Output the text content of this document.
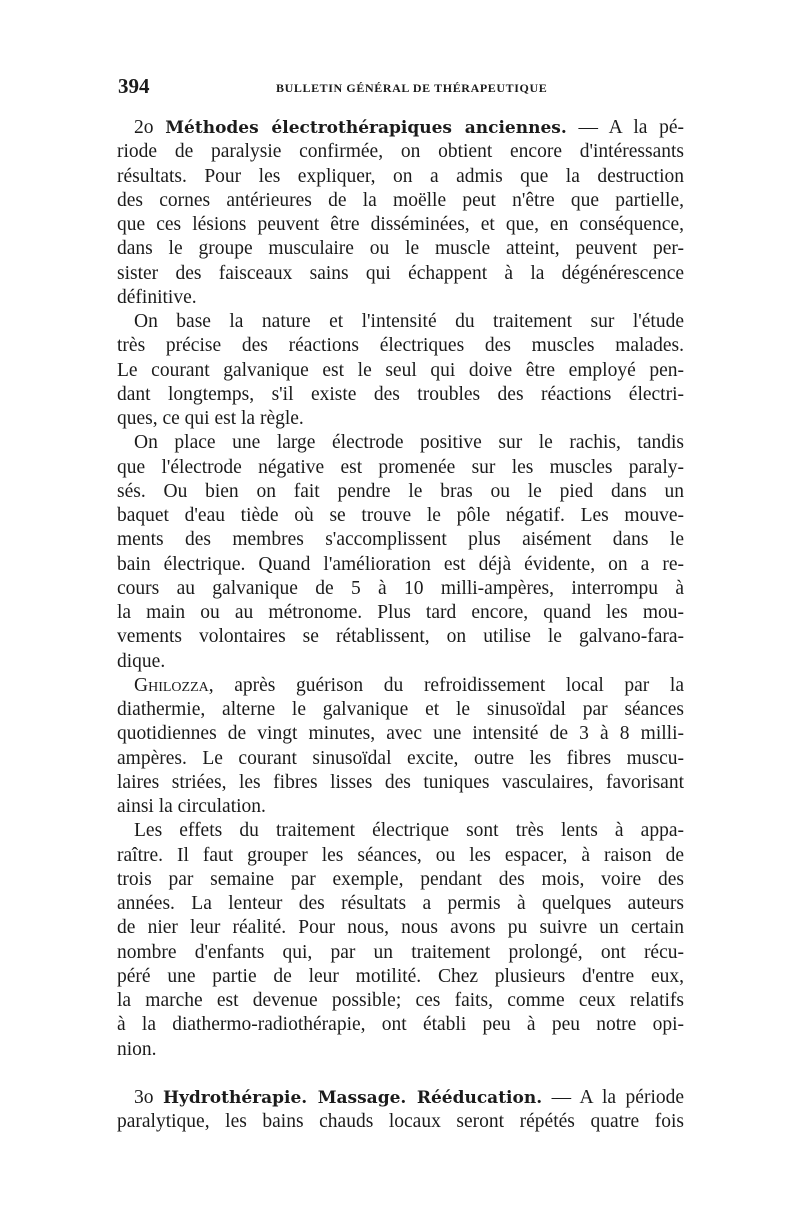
394	BULLETIN GÉNÉRAL DE THÉRAPEUTIQUE
2o Méthodes électrothérapiques anciennes. — A la pé-
riode de paralysie confirmée, on obtient encore d'intéressants
résultats. Pour les expliquer, on a admis que la destruction
des cornes antérieures de la moëlle peut n'être que partielle,
que ces lésions peuvent être disséminées, et que, en conséquence,
dans le groupe musculaire ou le muscle atteint, peuvent per-
sister des faisceaux sains qui échappent à la dégénérescence
définitive.
On base la nature et l'intensité du traitement sur l'étude
très précise des réactions électriques des muscles malades.
Le courant galvanique est le seul qui doive être employé pen-
dant longtemps, s'il existe des troubles des réactions électri-
ques, ce qui est la règle.
On place une large électrode positive sur le rachis, tandis
que l'électrode négative est promenée sur les muscles paraly-
sés. Ou bien on fait pendre le bras ou le pied dans un
baquet d'eau tiède où se trouve le pôle négatif. Les mouve-
ments des membres s'accomplissent plus aisément dans le
bain électrique. Quand l'amélioration est déjà évidente, on a re-
cours au galvanique de 5 à 10 milli-ampères, interrompu à
la main ou au métronome. Plus tard encore, quand les mou-
vements volontaires se rétablissent, on utilise le galvano-fara-
dique.
Ghilozza, après guérison du refroidissement local par la
diathermie, alterne le galvanique et le sinusoïdal par séances
quotidiennes de vingt minutes, avec une intensité de 3 à 8 milli-
ampères. Le courant sinusoïdal excite, outre les fibres muscu-
laires striées, les fibres lisses des tuniques vasculaires, favorisant
ainsi la circulation.
Les effets du traitement électrique sont très lents à appa-
raître. Il faut grouper les séances, ou les espacer, à raison de
trois par semaine par exemple, pendant des mois, voire des
années. La lenteur des résultats a permis à quelques auteurs
de nier leur réalité. Pour nous, nous avons pu suivre un certain
nombre d'enfants qui, par un traitement prolongé, ont récu-
péré une partie de leur motilité. Chez plusieurs d'entre eux,
la marche est devenue possible; ces faits, comme ceux relatifs
à la diathermo-radiothérapie, ont établi peu à peu notre opi-
nion.
3o Hydrothérapie. Massage. Rééducation. — A la période
paralytique, les bains chauds locaux seront répétés quatre fois
